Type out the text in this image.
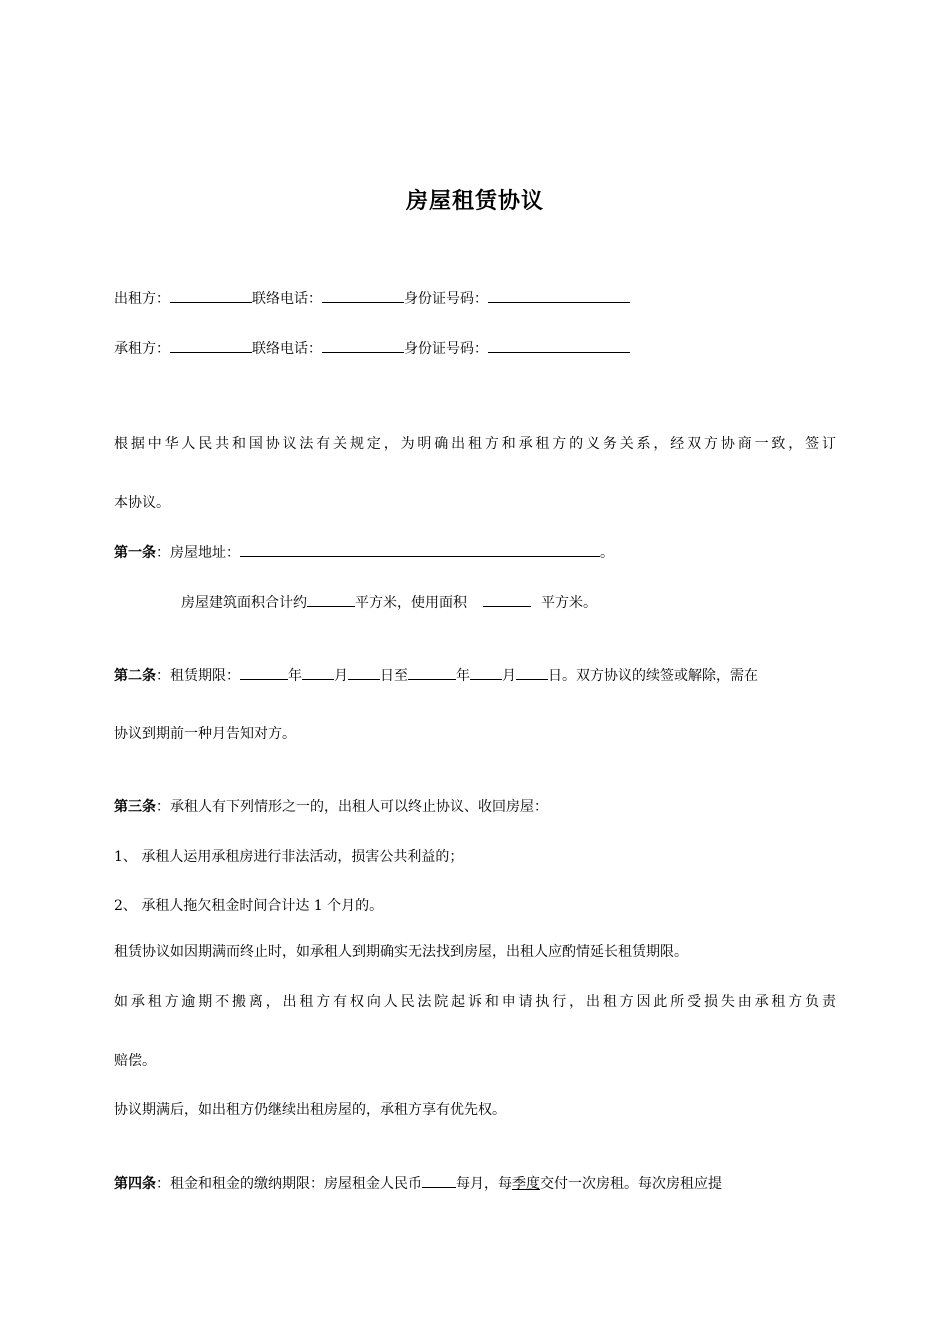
房屋租赁协议
出租方：	联络电话：	身份证号码：
承租方：	联络电话：	身份证号码：
根据中华人民共和国协议法有关规定，为明确出租方和承租方的义务关系，经双方协商一致，签订
本协议。
第一条：房屋地址：	。
房屋建筑面积合计约	平方米，使用面积	平方米。
第二条：租赁期限：	年 月 日至	年 月 日。双方协议的续签或解除，需在
协议到期前一种月告知对方。
第三条：承租人有下列情形之一的，出租人可以终止协议、收回房屋：
1、 承租人运用承租房进行非法活动，损害公共利益的；
2、 承租人拖欠租金时间合计达 1 个月的。
租赁协议如因期满而终止时，如承租人到期确实无法找到房屋，出租人应酌情延长租赁期限。
如承租方逾期不搬离，出租方有权向人民法院起诉和申请执行，出租方因此所受损失由承租方负责
赔偿。
协议期满后，如出租方仍继续出租房屋的，承租方享有优先权。
第四条：租金和租金的缴纳期限：房屋租金人民币 每月，每季度交付一次房租。每次房租应提
